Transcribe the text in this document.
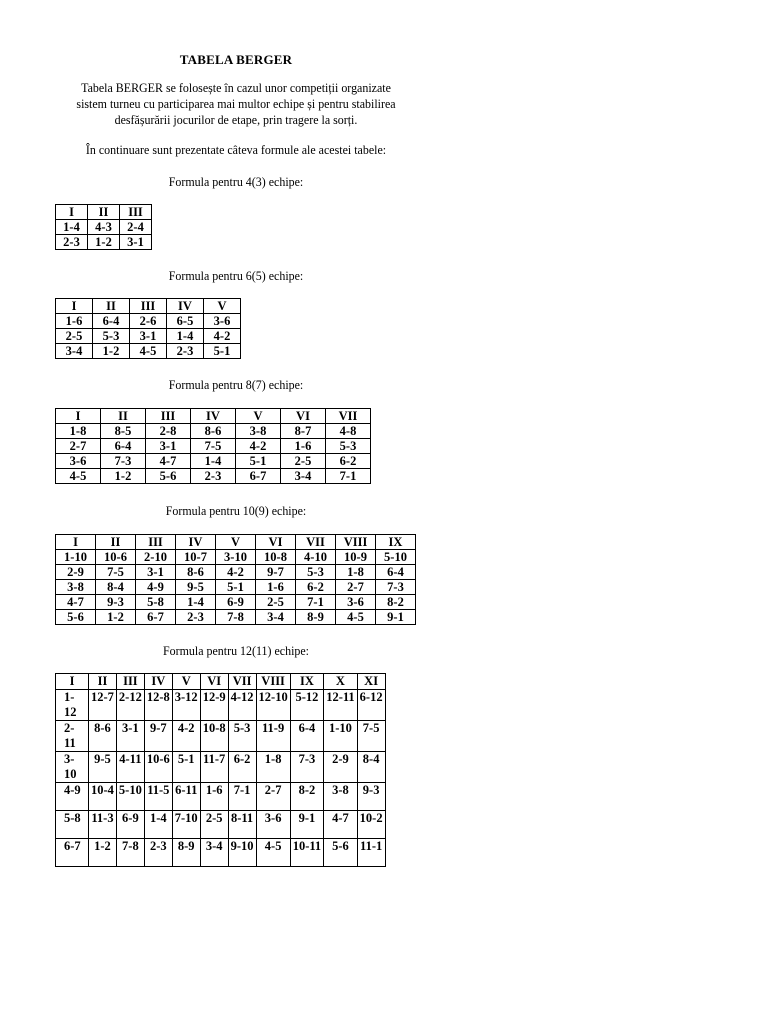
TABELA BERGER
Tabela BERGER se folosește în cazul unor competiții organizate
sistem turneu cu participarea mai multor echipe și pentru stabilirea
desfășurării jocurilor de etape, prin tragere la sorți.
În continuare sunt prezentate câteva formule ale acestei tabele:
Formula pentru 4(3) echipe:
I	II	III
1-4	4-3	2-4
2-3	1-2	3-1
Formula pentru 6(5) echipe:
I	II	III	IV	V
1-6	6-4	2-6	6-5	3-6
2-5	5-3	3-1	1-4	4-2
3-4	1-2	4-5	2-3	5-1
Formula pentru 8(7) echipe:
I	II	III	IV	V	VI	VII
1-8	8-5	2-8	8-6	3-8	8-7	4-8
2-7	6-4	3-1	7-5	4-2	1-6	5-3
3-6	7-3	4-7	1-4	5-1	2-5	6-2
4-5	1-2	5-6	2-3	6-7	3-4	7-1
Formula pentru 10(9) echipe:
I	II	III	IV	V	VI	VII	VIII	IX
1-10	10-6	2-10	10-7	3-10	10-8	4-10	10-9	5-10
2-9	7-5	3-1	8-6	4-2	9-7	5-3	1-8	6-4
3-8	8-4	4-9	9-5	5-1	1-6	6-2	2-7	7-3
4-7	9-3	5-8	1-4	6-9	2-5	7-1	3-6	8-2
5-6	1-2	6-7	2-3	7-8	3-4	8-9	4-5	9-1
Formula pentru 12(11) echipe:
I	II	III	IV	V	VI	VII	VIII	IX	X	XI
1-12	12-7	2-12	12-8	3-12	12-9	4-12	12-10	5-12	12-11	6-12
2-11	8-6	3-1	9-7	4-2	10-8	5-3	11-9	6-4	1-10	7-5
3-10	9-5	4-11	10-6	5-1	11-7	6-2	1-8	7-3	2-9	8-4
4-9	10-4	5-10	11-5	6-11	1-6	7-1	2-7	8-2	3-8	9-3
5-8	11-3	6-9	1-4	7-10	2-5	8-11	3-6	9-1	4-7	10-2
6-7	1-2	7-8	2-3	8-9	3-4	9-10	4-5	10-11	5-6	11-1
